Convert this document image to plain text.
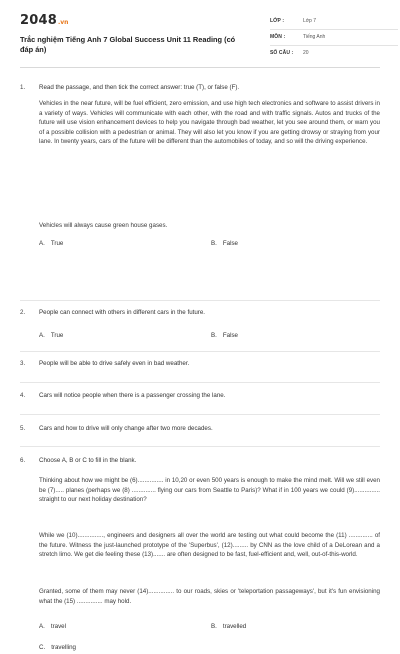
2048 .vn
Trắc nghiệm Tiếng Anh 7 Global Success Unit 11 Reading (có đáp án)
LỚP :	Lớp 7
MÔN :	Tiếng Anh
SỐ CÂU :	20
1. Read the passage, and then tick the correct answer: true (T), or false (F).
Vehicles in the near future, will be fuel efficient, zero emission, and use high tech electronics and software to assist drivers in a variety of ways. Vehicles will communicate with each other, with the road and with traffic signals. Autos and trucks of the future will use vision enhancement devices to help you navigate through bad weather, let you see around them, or warn you of a possible collision with a pedestrian or animal. They will also let you know if you are getting drowsy or straying from your lane. In twenty years, cars of the future will be different than the automobiles of today, and so will the driving experience.
Vehicles will always cause green house gases.
A. True	B. False
2. People can connect with others in different cars in the future.
A. True	B. False
3. People will be able to drive safely even in bad weather.
4. Cars will notice people when there is a passenger crossing the lane.
5. Cars and how to drive will only change after two more decades.
6. Choose A, B or C to fill in the blank.
Thinking about how we might be (6)............... in 10,20 or even 500 years is enough to make the mind melt. Will we still even be (7)..... planes (perhaps we (8) .............. flying our cars from Seattle to Paris)? What if in 100 years we could (9)............... straight to our next holiday destination?
While we (10)..............., engineers and designers all over the world are testing out what could become the (11) .............. of the future. Witness the just-launched prototype of the 'Superbus', (12)......... by CNN as the love child of a DeLorean and a stretch limo. We get die feeling these (13)....... are often designed to be fast, fuel-efficient and, well, out-of-this-world.
Granted, some of them may never (14)............... to our roads, skies or 'teleportation passageways', but it's fun envisioning what the (15) ............... may hold.
A. travel	B. travelled
C. travelling
